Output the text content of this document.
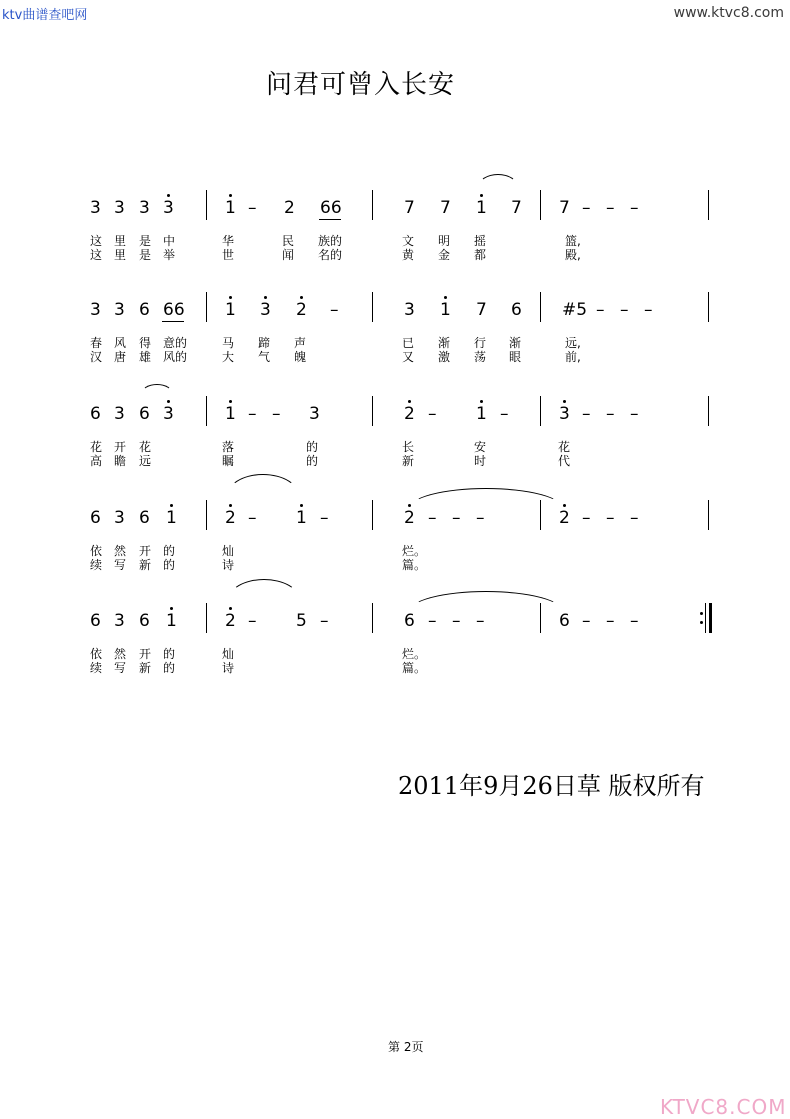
ktv曲谱查吧网	www.ktvc8.com
问君可曾入长安
3 3 3 3	1 – 2 66	7 7 1 7 7 – – –
这 里 是 中	华	民 族的	文 明 摇	篮,
这 里 是 举	世	闻 名的	黄 金 都	殿,
3 3 6 66 1 3 2 –	3 1 7 6 #5 – – –
春 风 得 意的	马 蹄 声	已 渐 行 渐	远,
汉 唐 雄 风的	大 气 魄	又 激 荡 眼	前,
6 3 6 3	1 – – 3	2 – 1 –	3 – – –
花 开 花	落	的	长	安	花
高 瞻 远	瞩	的	新	时	代
6 3 6 1	2 – 1 –	2 – – –	2 – – –
依 然 开 的	灿	烂。
续 写 新 的	诗	篇。
6 3 6 1	2 – 5 –	6 – – –	6 – – –
依 然 开 的	灿	烂。
续 写 新 的	诗	篇。
2011年9月26日草 版权所有
第 2页
KTVC8.COM
